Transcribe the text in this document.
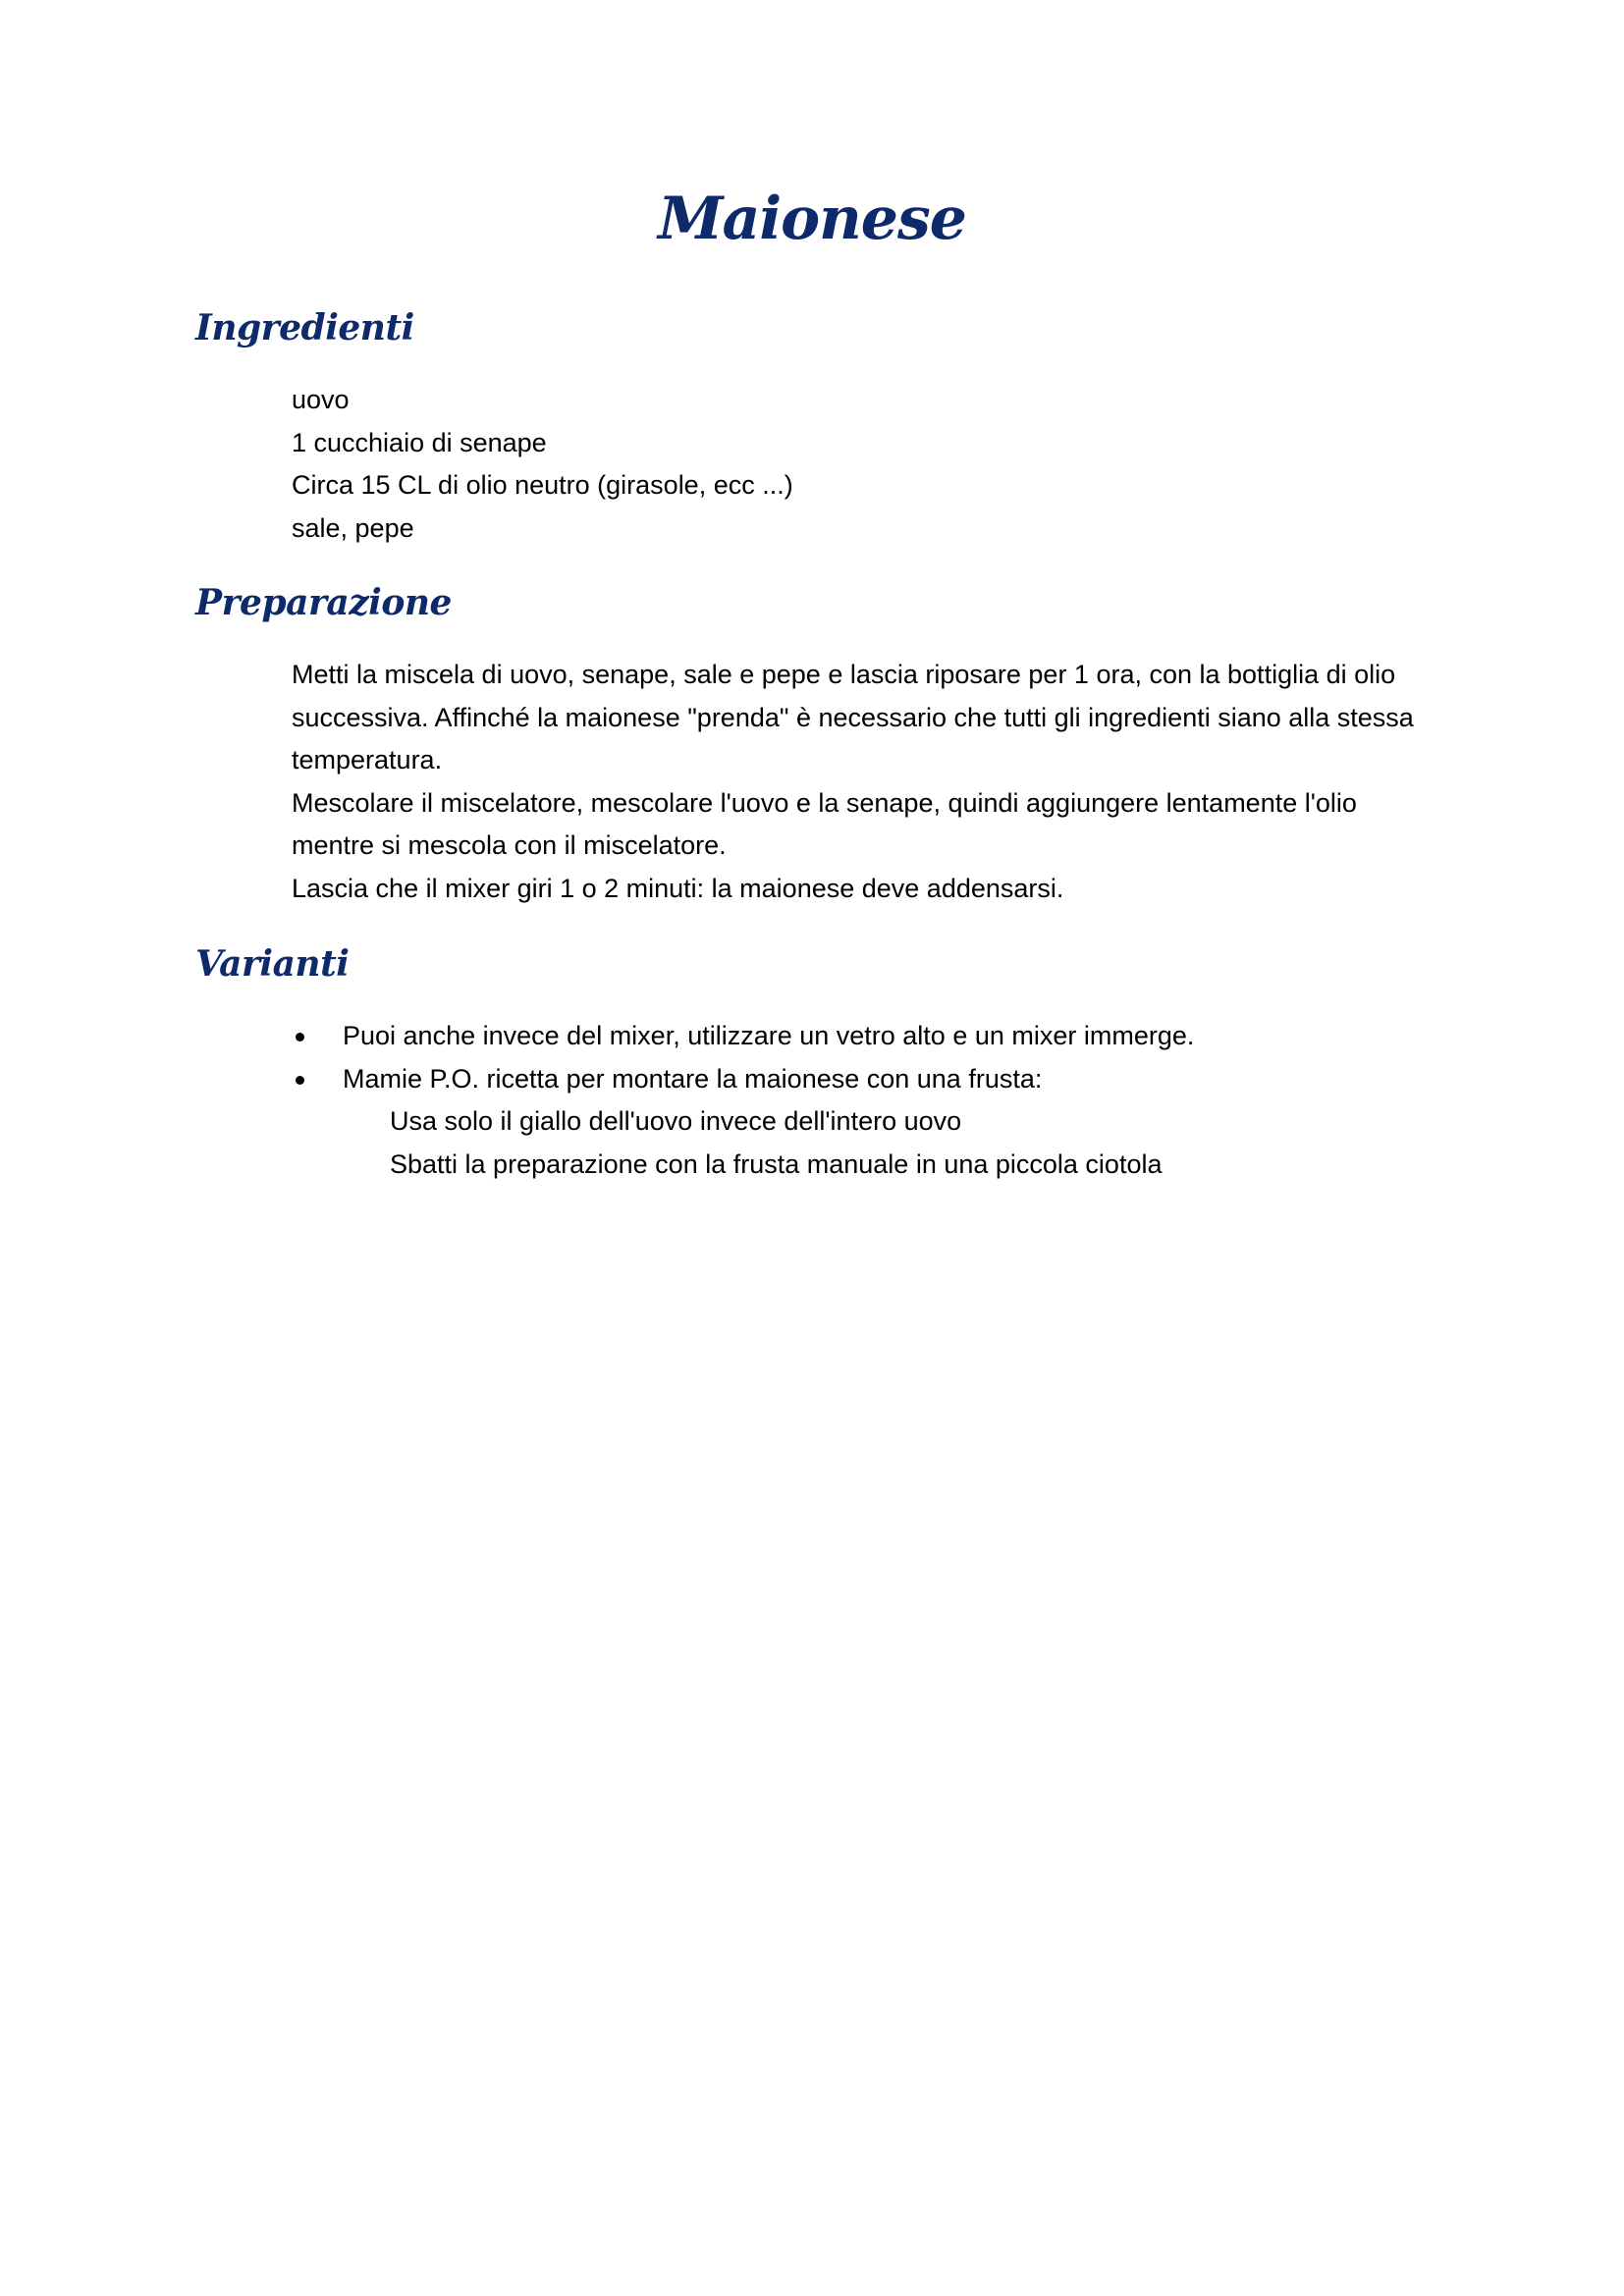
Maionese
Ingredienti
uovo
1 cucchiaio di senape
Circa 15 CL di olio neutro (girasole, ecc ...)
sale, pepe
Preparazione
Metti la miscela di uovo, senape, sale e pepe e lascia riposare per 1 ora, con la bottiglia di olio
successiva. Affinché la maionese "prenda" è necessario che tutti gli ingredienti siano alla stessa
temperatura.
Mescolare il miscelatore, mescolare l'uovo e la senape, quindi aggiungere lentamente l'olio
mentre si mescola con il miscelatore.
Lascia che il mixer giri 1 o 2 minuti: la maionese deve addensarsi.
Varianti
Puoi anche invece del mixer, utilizzare un vetro alto e un mixer immerge.
Mamie P.O. ricetta per montare la maionese con una frusta:
Usa solo il giallo dell'uovo invece dell'intero uovo
Sbatti la preparazione con la frusta manuale in una piccola ciotola
